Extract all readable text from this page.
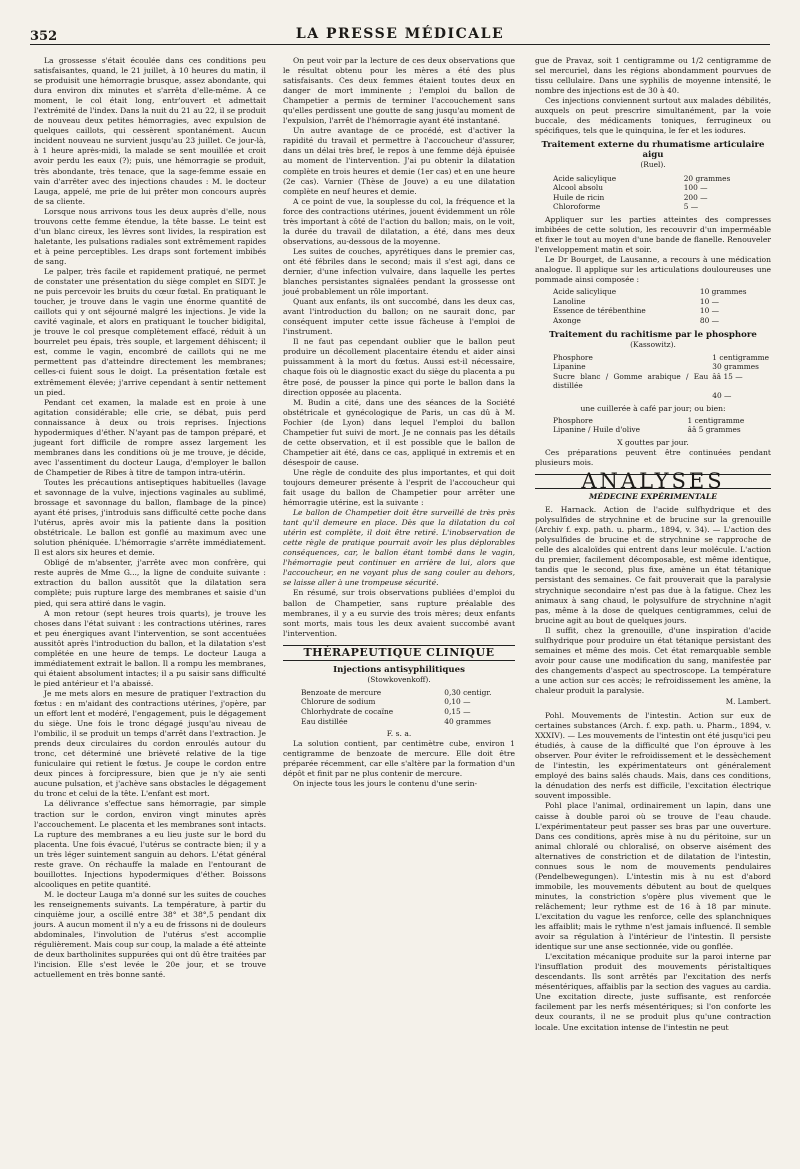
352	LA PRESSE MÉDICALE

La grossesse s'était écoulée dans ces conditions peu satisfaisantes, quand, le 21 juillet, à 10 heures du matin, il se produisit une hémorragie brusque, assez abondante, qui dura environ dix minutes et s'arrêta d'elle-même. A ce moment, le col était long, entr'ouvert et admettait l'extrémité de l'index. Dans la nuit du 21 au 22, il se produit de nouveau deux petites hémorragies, avec expulsion de quelques caillots, qui cessèrent spontanément. Aucun incident nouveau ne survient jusqu'au 23 juillet. Ce jour-là, à 1 heure après-midi, la malade se sent mouillée et croit avoir perdu les eaux (?); puis, une hémorragie se produit, très abondante, très tenace, que la sage-femme essaie en vain d'arrêter avec des injections chaudes : M. le docteur Lauga, appelé, me prie de lui prêter mon concours auprès de sa cliente.

Lorsque nous arrivons tous les deux auprès d'elle, nous trouvons cette femme étendue, la tête basse. Le teint est d'un blanc cireux, les lèvres sont livides, la respiration est haletante, les pulsations radiales sont extrêmement rapides et à peine perceptibles. Les draps sont fortement imbibés de sang.

Le palper, très facile et rapidement pratiqué, ne permet de constater une présentation du siège complet en SIDT. Je ne puis percevoir les bruits du cœur fœtal. En pratiquant le toucher, je trouve dans le vagin une énorme quantité de caillots qui y ont séjourné malgré les injections. Je vide la cavité vaginale, et alors en pratiquant le toucher bidigital, je trouve le col presque complètement effacé, réduit à un bourrelet peu épais, très souple, et largement déhiscent; il est, comme le vagin, encombré de caillots qui ne me permettent pas d'atteindre directement les membranes; celles-ci fuient sous le doigt. La présentation fœtale est extrêmement élevée; j'arrive cependant à sentir nettement un pied.

Pendant cet examen, la malade est en proie à une agitation considérable; elle crie, se débat, puis perd connaissance à deux ou trois reprises. Injections hypodermiques d'éther. N'ayant pas de tampon préparé, et jugeant fort difficile de rompre assez largement les membranes dans les conditions où je me trouve, je décide, avec l'assentiment du docteur Lauga, d'employer le ballon de Champetier de Ribes à titre de tampon intra-utérin.

Toutes les précautions antiseptiques habituelles (lavage et savonnage de la vulve, injections vaginales au sublimé, brossage et savonnage du ballon, flambage de la pince) ayant été prises, j'introduis sans difficulté cette poche dans l'utérus, après avoir mis la patiente dans la position obstétricale. Le ballon est gonflé au maximum avec une solution phéniquée. L'hémorragie s'arrête immédiatement. Il est alors six heures et demie.

Obligé de m'absenter, j'arrête avec mon confrère, qui reste auprès de Mme G..., la ligne de conduite suivante : extraction du ballon aussitôt que la dilatation sera complète; puis rupture large des membranes et saisie d'un pied, qui sera attiré dans le vagin.

A mon retour (sept heures trois quarts), je trouve les choses dans l'état suivant : les contractions utérines, rares et peu énergiques avant l'intervention, se sont accentuées aussitôt après l'introduction du ballon, et la dilatation s'est complétée en une heure de temps. Le docteur Lauga a immédiatement extrait le ballon. Il a rompu les membranes, qui étaient absolument intactes; il a pu saisir sans difficulté le pied antérieur et l'a abaissé.

Je me mets alors en mesure de pratiquer l'extraction du fœtus : en m'aidant des contractions utérines, j'opère, par un effort lent et modéré, l'engagement, puis le dégagement du siège. Une fois le tronc dégagé jusqu'au niveau de l'ombilic, il se produit un temps d'arrêt dans l'extraction. Je prends deux circulaires du cordon enroulés autour du tronc, cet déterminé une brièveté relative de la tige funiculaire qui retient le fœtus. Je coupe le cordon entre deux pinces à forcipressure, bien que je n'y aie senti aucune pulsation, et j'achève sans obstacles le dégagement du tronc et celui de la tête. L'enfant est mort.

La délivrance s'effectue sans hémorragie, par simple traction sur le cordon, environ vingt minutes après l'accouchement. Le placenta et les membranes sont intacts. La rupture des membranes a eu lieu juste sur le bord du placenta. Une fois évacué, l'utérus se contracte bien; il y a un très léger suintement sanguin au dehors. L'état général reste grave. On réchauffe la malade en l'entourant de bouillottes. Injections hypodermiques d'éther. Boissons alcooliques en petite quantité.

M. le docteur Lauga m'a donné sur les suites de couches les renseignements suivants. La température, à partir du cinquième jour, a oscillé entre 38° et 38°,5 pendant dix jours. A aucun moment il n'y a eu de frissons ni de douleurs abdominales, l'involution de l'utérus s'est accomplie régulièrement. Mais coup sur coup, la malade a été atteinte de deux bartholinites suppurées qui ont dû être traitées par l'incision. Elle s'est levée le 20e jour, et se trouve actuellement en très bonne santé.

On peut voir par la lecture de ces deux observations que le résultat obtenu pour les mères a été des plus satisfaisants. Ces deux femmes étaient toutes deux en danger de mort imminente ; l'emploi du ballon de Champetier a permis de terminer l'accouchement sans qu'elles perdissent une goutte de sang jusqu'au moment de l'expulsion, l'arrêt de l'hémorragie ayant été instantané.

Un autre avantage de ce procédé, est d'activer la rapidité du travail et permettre à l'accoucheur d'assurer, dans un délai très bref, le repos à une femme déjà épuisée au moment de l'intervention. J'ai pu obtenir la dilatation complète en trois heures et demie (1er cas) et en une heure (2e cas). Varnier (Thèse de Jouve) a eu une dilatation complète en neuf heures et demie.

A ce point de vue, la souplesse du col, la fréquence et la force des contractions utérines, jouent évidemment un rôle très important à côté de l'action du ballon; mais, on le voit, la durée du travail de dilatation, a été, dans mes deux observations, au-dessous de la moyenne.

Les suites de couches, apyrétiques dans le premier cas, ont été fébriles dans le second; mais il s'est agi, dans ce dernier, d'une infection vulvaire, dans laquelle les pertes blanches persistantes signalées pendant la grossesse ont joué probablement un rôle important.

Quant aux enfants, ils ont succombé, dans les deux cas, avant l'introduction du ballon; on ne saurait donc, par conséquent imputer cette issue fâcheuse à l'emploi de l'instrument.

Il ne faut pas cependant oublier que le ballon peut produire un décollement placentaire étendu et aider ainsi puissamment à la mort du fœtus. Aussi est-il nécessaire, chaque fois où le diagnostic exact du siège du placenta a pu être posé, de pousser la pince qui porte le ballon dans la direction opposée au placenta.

M. Budin a cité, dans une des séances de la Société obstétricale et gynécologique de Paris, un cas dû à M. Fochier (de Lyon) dans lequel l'emploi du ballon Champetier fut suivi de mort. Je ne connais pas les détails de cette observation, et il est possible que le ballon de Champetier ait été, dans ce cas, appliqué in extremis et en désespoir de cause.

Une règle de conduite des plus importantes, et qui doit toujours demeurer présente à l'esprit de l'accoucheur qui fait usage du ballon de Champetier pour arrêter une hémorragie utérine, est la suivante :

Le ballon de Champetier doit être surveillé de très près tant qu'il demeure en place. Dès que la dilatation du col utérin est complète, il doit être retiré. L'inobservation de cette règle de pratique pourrait avoir les plus déplorables conséquences, car, le ballon étant tombé dans le vagin, l'hémorragie peut continuer en arrière de lui, alors que l'accoucheur, en ne voyant plus de sang couler au dehors, se laisse aller à une trompeuse sécurité.

En résumé, sur trois observations publiées d'emploi du ballon de Champetier, sans rupture préalable des membranes, il y a eu survie des trois mères; deux enfants sont morts, mais tous les deux avaient succombé avant l'intervention.

THÉRAPEUTIQUE CLINIQUE
Injections antisyphilitiques
(Stowkovenkoff).
Benzoate de mercure	0,30 centigr.
Chlorure de sodium	0,10 —
Chlorhydrate de cocaïne	0,15 —
Eau distillée	40 grammes
F. s. a.

La solution contient, par centimètre cube, environ 1 centigramme de benzoate de mercure. Elle doit être préparée récemment, car elle s'altère par la formation d'un dépôt et finit par ne plus contenir de mercure.

On injecte tous les jours le contenu d'une serin-

gue de Pravaz, soit 1 centigramme ou 1/2 centigramme de sel mercuriel, dans les régions abondamment pourvues de tissu cellulaire. Dans une syphilis de moyenne intensité, le nombre des injections est de 30 à 40.

Ces injections conviennent surtout aux malades débilités, auxquels on peut prescrire simultanément, par la voie buccale, des médicaments toniques, ferrugineux ou spécifiques, tels que le quinquina, le fer et les iodures.

Traitement externe du rhumatisme articulaire aigu
(Ruel).
Acide salicylique	20 grammes
Alcool absolu	100 —
Huile de ricin	200 —
Chloroforme	5 —

Appliquer sur les parties atteintes des compresses imbibées de cette solution, les recouvrir d'un imperméable et fixer le tout au moyen d'une bande de flanelle. Renouveler l'enveloppement matin et soir.

Le Dr Bourget, de Lausanne, a recours à une médication analogue. Il applique sur les articulations douloureuses une pommade ainsi composée :

Acide salicylique	10 grammes
Lanoline	10 —
Essence de térébenthine	10 —
Axonge	80 —
Traitement du rachitisme par le phosphore
(Kassowitz).
Phosphore	1 centigramme
Lipanine	30 grammes
Sucre blanc / Gomme arabique / Eau distillée	ââ 15 —
	40 —
une cuillerée à café par jour; ou bien:
Phosphore	1 centigramme
Lipanine / Huile d'olive	ââ 5 grammes
X gouttes par jour.

Ces préparations peuvent être continuées pendant plusieurs mois.

ANALYSES
MÉDECINE EXPÉRIMENTALE

E. Harnack. Action de l'acide sulfhydrique et des polysulfides de strychnine et de brucine sur la grenouille (Archiv f. exp. path. u. pharm., 1894, v. 34). — L'action des polysulfides de brucine et de strychnine se rapproche de celle des alcaloïdes qui entrent dans leur molécule. L'action du premier, facilement décomposable, est même identique, tandis que le second, plus fixe, amène un état tétanique persistant des semaines. Ce fait prouverait que la paralysie strychnique secondaire n'est pas due à la fatigue. Chez les animaux à sang chaud, le polysulfure de strychnine n'agit pas, même à la dose de quelques centigrammes, celui de brucine agit au bout de quelques jours.

Il suffit, chez la grenouille, d'une inspiration d'acide sulfhydrique pour produire un état tétanique persistant des semaines et même des mois. Cet état remarquable semble avoir pour cause une modification du sang, manifestée par des changements d'aspect au spectroscope. La température a une action sur ces accès; le refroidissement les amène, la chaleur produit la paralysie.

M. Lambert.

Pohl. Mouvements de l'intestin. Action sur eux de certaines substances (Arch. f. exp. path. u. Pharm., 1894, v. XXXIV). — Les mouvements de l'intestin ont été jusqu'ici peu étudiés, à cause de la difficulté que l'on éprouve à les observer. Pour éviter le refroidissement et le dessèchement de l'intestin, les expérimentateurs ont généralement employé des bains salés chauds. Mais, dans ces conditions, la dénudation des nerfs est difficile, l'excitation électrique souvent impossible.

Pohl place l'animal, ordinairement un lapin, dans une caisse à double paroi où se trouve de l'eau chaude. L'expérimentateur peut passer ses bras par une ouverture. Dans ces conditions, après mise à nu du péritoine, sur un animal chloralé ou chloralisé, on observe aisément des alternatives de constriction et de dilatation de l'intestin, connues sous le nom de mouvements pendulaires (Pendelbewegungen). L'intestin mis à nu est d'abord immobile, les mouvements débutent au bout de quelques minutes, la constriction s'opère plus vivement que le relâchement; leur rythme est de 16 à 18 par minute. L'excitation du vague les renforce, celle des splanchniques les affaiblit; mais le rythme n'est jamais influencé. Il semble avoir sa régulation à l'intérieur de l'intestin. Il persiste identique sur une anse sectionnée, vide ou gonflée.

L'excitation mécanique produite sur la paroi interne par l'insufflation produit des mouvements péristaltiques descendants. Ils sont arrêtés par l'excitation des nerfs mésentériques, affaiblis par la section des vagues au cardia. Une excitation directe, juste suffisante, est renforcée facilement par les nerfs mésentériques; si l'on conforte les deux courants, il ne se produit plus qu'une contraction locale. Une excitation intense de l'intestin ne peut
